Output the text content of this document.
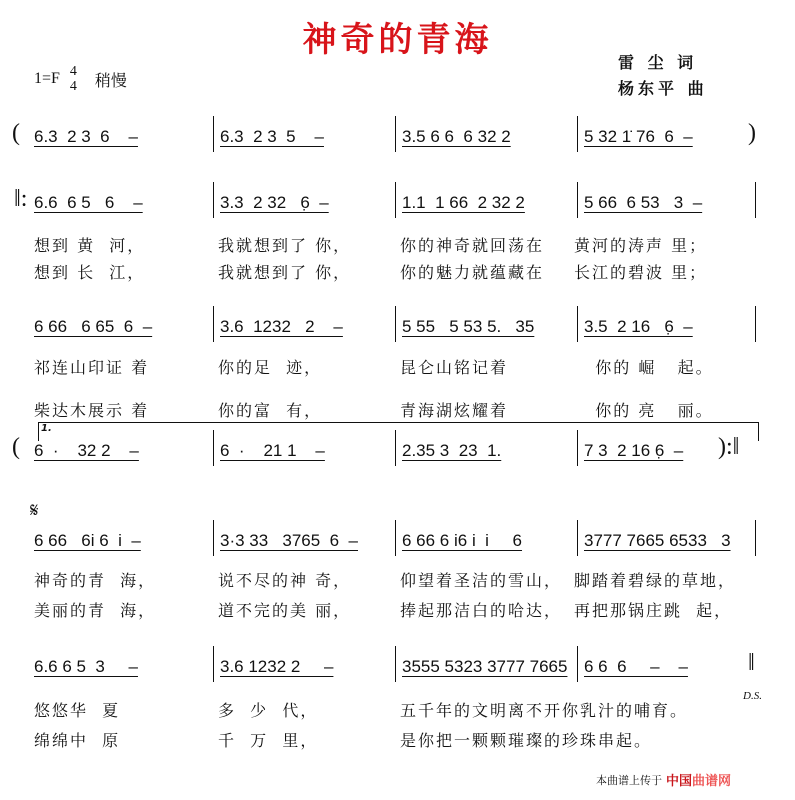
神奇的青海
1=F 4
4 稍慢
雷 尘 词
杨东平 曲
1.
𝄋
D.S.
( 6.3  2 3  6    –	6.3  2 3  5    –	3.5 6 6  6 32 2	5 32 1̇ 76  6  – )
‖: 6.6  6 5   6    –	3.3  2 32   6̣  –	1.1  1 66  2 32 2	5 66  6 53   3  –
6 66   6 65  6  –	3.6  1232   2    –	5 55   5 53 5.   35	3.5  2 16   6̣  –
( 6  ·    32 2    –	6  ·    21 1    –	2.35 3  23  1.	7 3  2 16 6̣  – ):‖
6 66   6i 6  i  –	3·3 33   3765  6  –	6 66 6 i6 i  i     6	3777 7665 6533   3
6.6 6 5  3     –	3.6 1232 2     –	3555 5323 3777 7665 6 6  6     –    –	‖
想到 黄  河，	我就想到了 你，	你的神奇就回荡在 黄河的涛声 里；
想到 长  江，	我就想到了 你，	你的魅力就蕴藏在 长江的碧波 里；
祁连山印证 着	你的足  迹，	昆仑山铭记着	你的 崛   起。
柴达木展示 着	你的富  有，	青海湖炫耀着	你的 亮   丽。
神奇的青  海，	说不尽的神 奇，	仰望着圣洁的雪山， 脚踏着碧绿的草地，
美丽的青  海，	道不完的美 丽，	捧起那洁白的哈达， 再把那锅庄跳  起，
悠悠华  夏	多  少  代，	五千年的文明离不开你乳汁的哺育。
绵绵中  原	千  万  里，	是你把一颗颗璀璨的珍珠串起。
本曲谱上传于 中国曲谱网
